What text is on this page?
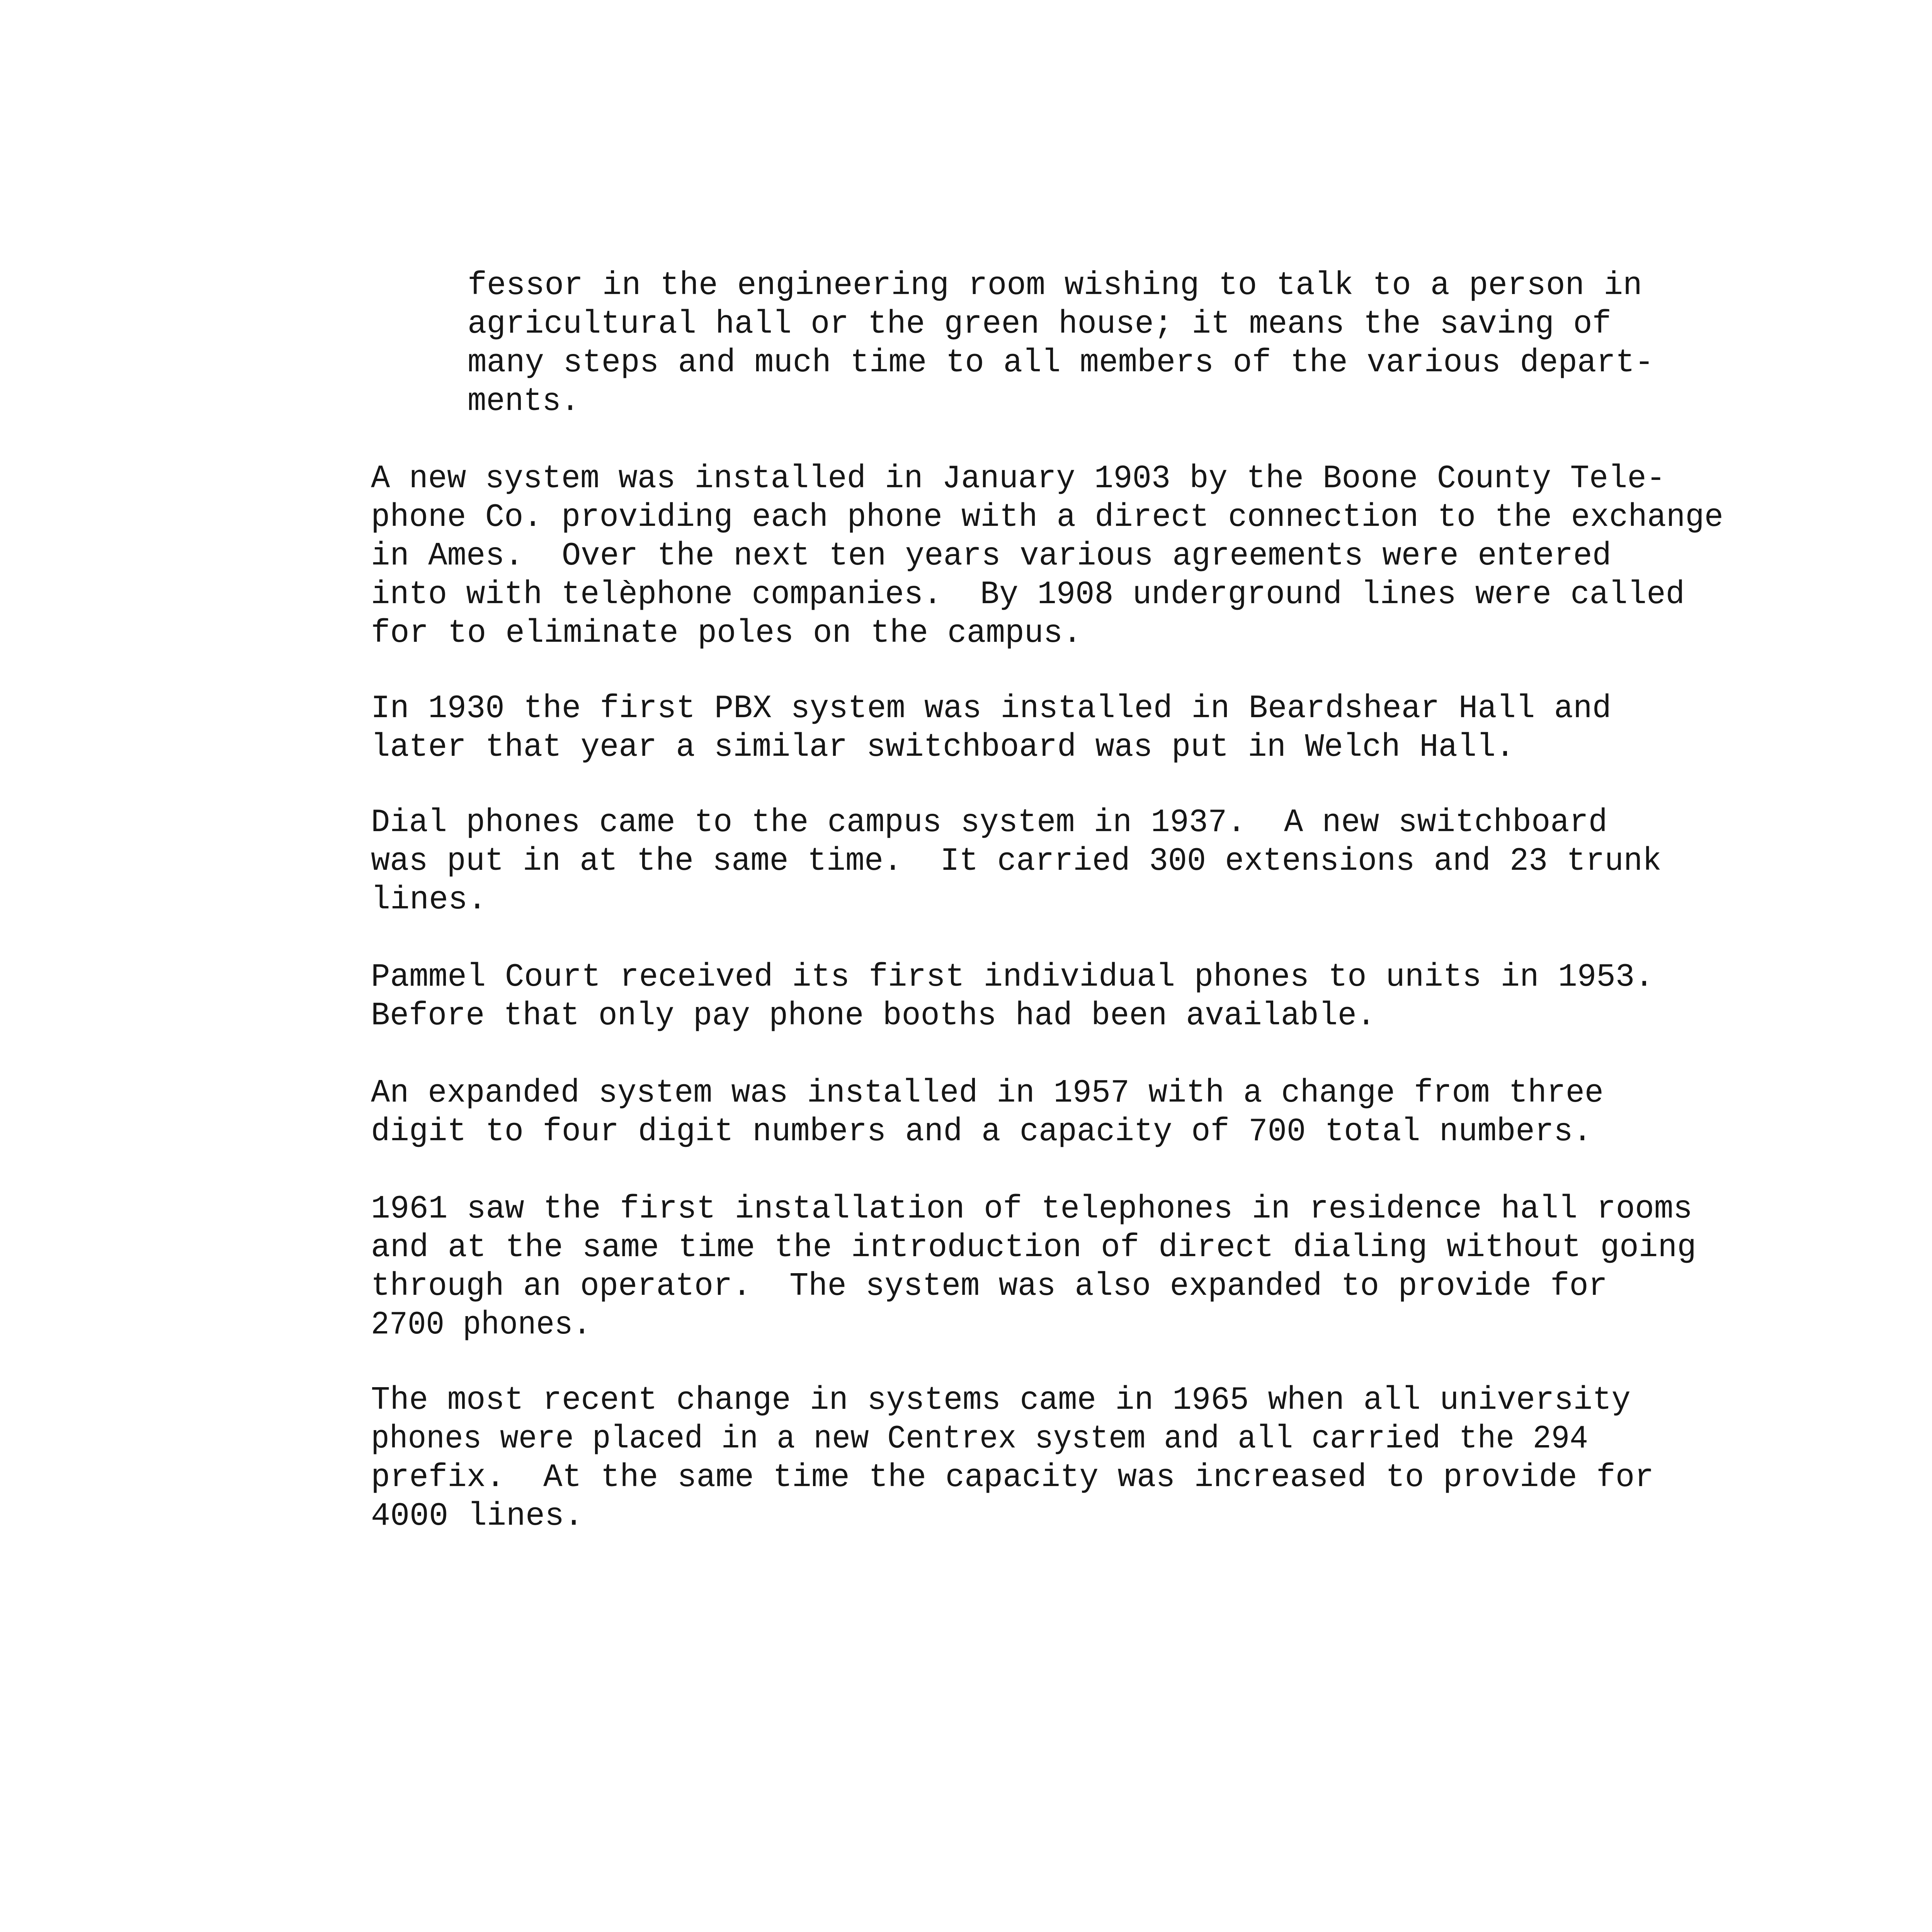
fessor in the engineering room wishing to talk to a person in

agricultural hall or the green house; it means the saving of

many steps and much time to all members of the various depart-

ments.

A new system was installed in January 1903 by the Boone County Tele-

phone Co. providing each phone with a direct connection to the exchange

in Ames.  Over the next ten years various agreements were entered

into with telèphone companies.  By 1908 underground lines were called

for to eliminate poles on the campus.

In 1930 the first PBX system was installed in Beardshear Hall and

later that year a similar switchboard was put in Welch Hall.

Dial phones came to the campus system in 1937.  A new switchboard

was put in at the same time.  It carried 300 extensions and 23 trunk

lines.

Pammel Court received its first individual phones to units in 1953.

Before that only pay phone booths had been available.

An expanded system was installed in 1957 with a change from three

digit to four digit numbers and a capacity of 700 total numbers.

1961 saw the first installation of telephones in residence hall rooms

and at the same time the introduction of direct dialing without going

through an operator.  The system was also expanded to provide for

2700 phones.

The most recent change in systems came in 1965 when all university

phones were placed in a new Centrex system and all carried the 294

prefix.  At the same time the capacity was increased to provide for

4000 lines.
